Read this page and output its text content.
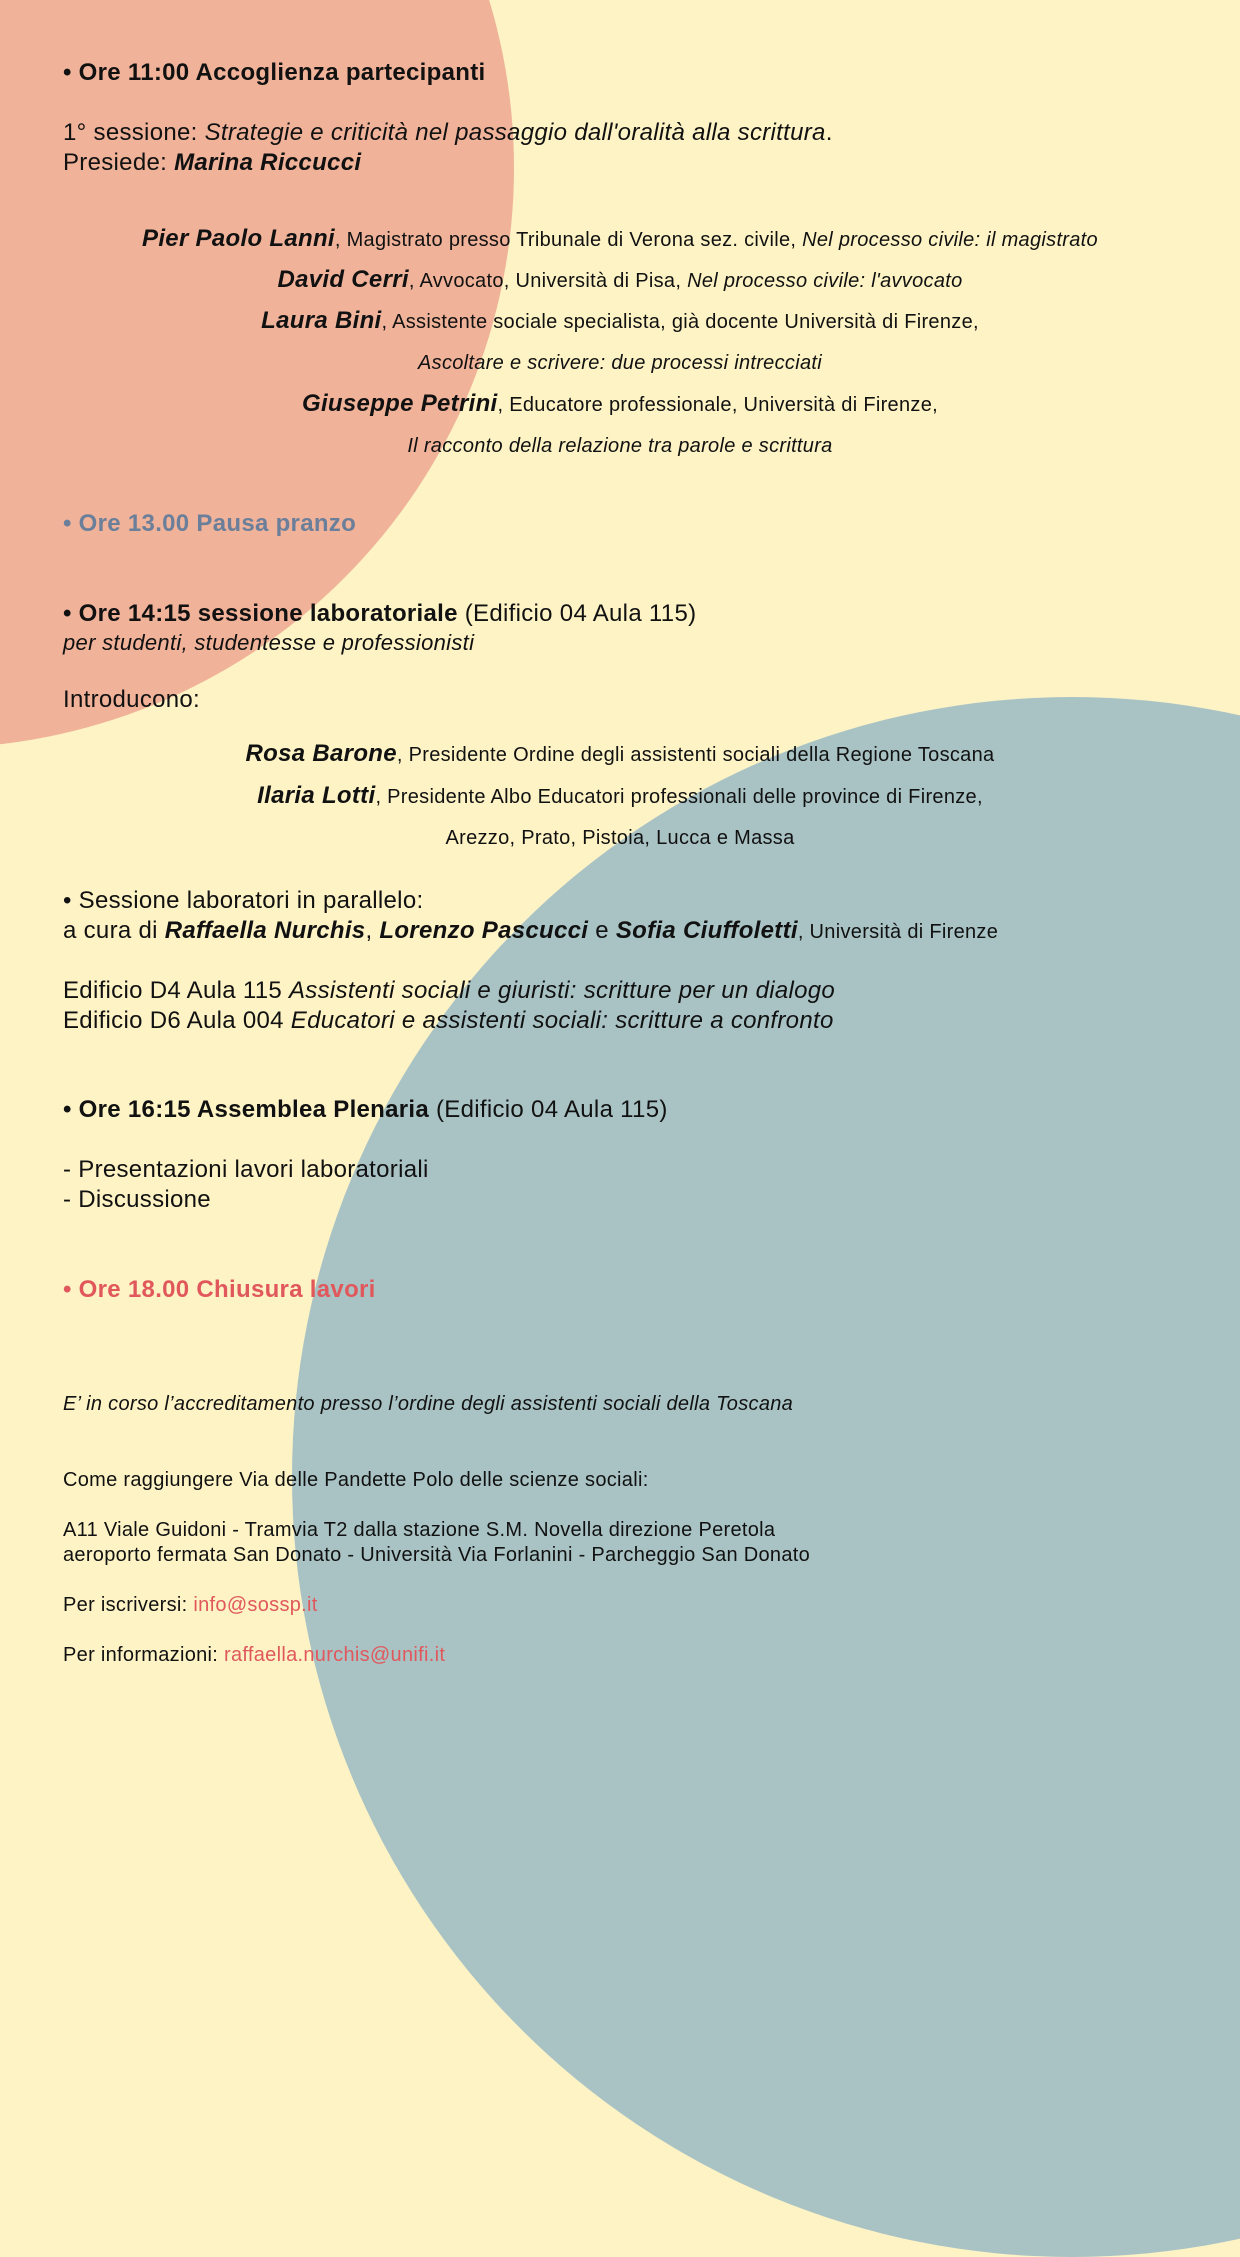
• Ore 11:00 Accoglienza partecipanti
1° sessione: Strategie e criticità nel passaggio dall'oralità alla scrittura.
Presiede: Marina Riccucci
Pier Paolo Lanni, Magistrato presso Tribunale di Verona sez. civile, Nel processo civile: il magistrato
David Cerri, Avvocato, Università di Pisa, Nel processo civile: l'avvocato
Laura Bini, Assistente sociale specialista, già docente Università di Firenze,
Ascoltare e scrivere: due processi intrecciati
Giuseppe Petrini, Educatore professionale, Università di Firenze,
Il racconto della relazione tra parole e scrittura
• Ore 13.00 Pausa pranzo
• Ore 14:15 sessione laboratoriale (Edificio 04 Aula 115)
per studenti, studentesse e professionisti
Introducono:
Rosa Barone, Presidente Ordine degli assistenti sociali della Regione Toscana
Ilaria Lotti, Presidente Albo Educatori professionali delle province di Firenze,
Arezzo, Prato, Pistoia, Lucca e Massa
• Sessione laboratori in parallelo:
a cura di Raffaella Nurchis, Lorenzo Pascucci e Sofia Ciuffoletti, Università di Firenze
Edificio D4 Aula 115 Assistenti sociali e giuristi: scritture per un dialogo
Edificio D6 Aula 004 Educatori e assistenti sociali: scritture a confronto
• Ore 16:15 Assemblea Plenaria (Edificio 04 Aula 115)
- Presentazioni lavori laboratoriali
- Discussione
• Ore 18.00 Chiusura lavori
E’ in corso l’accreditamento presso l’ordine degli assistenti sociali della Toscana
Come raggiungere Via delle Pandette Polo delle scienze sociali:
A11 Viale Guidoni - Tramvia T2 dalla stazione S.M. Novella direzione Peretola
aeroporto fermata San Donato - Università Via Forlanini - Parcheggio San Donato
Per iscriversi: info@sossp.it
Per informazioni: raffaella.nurchis@unifi.it
